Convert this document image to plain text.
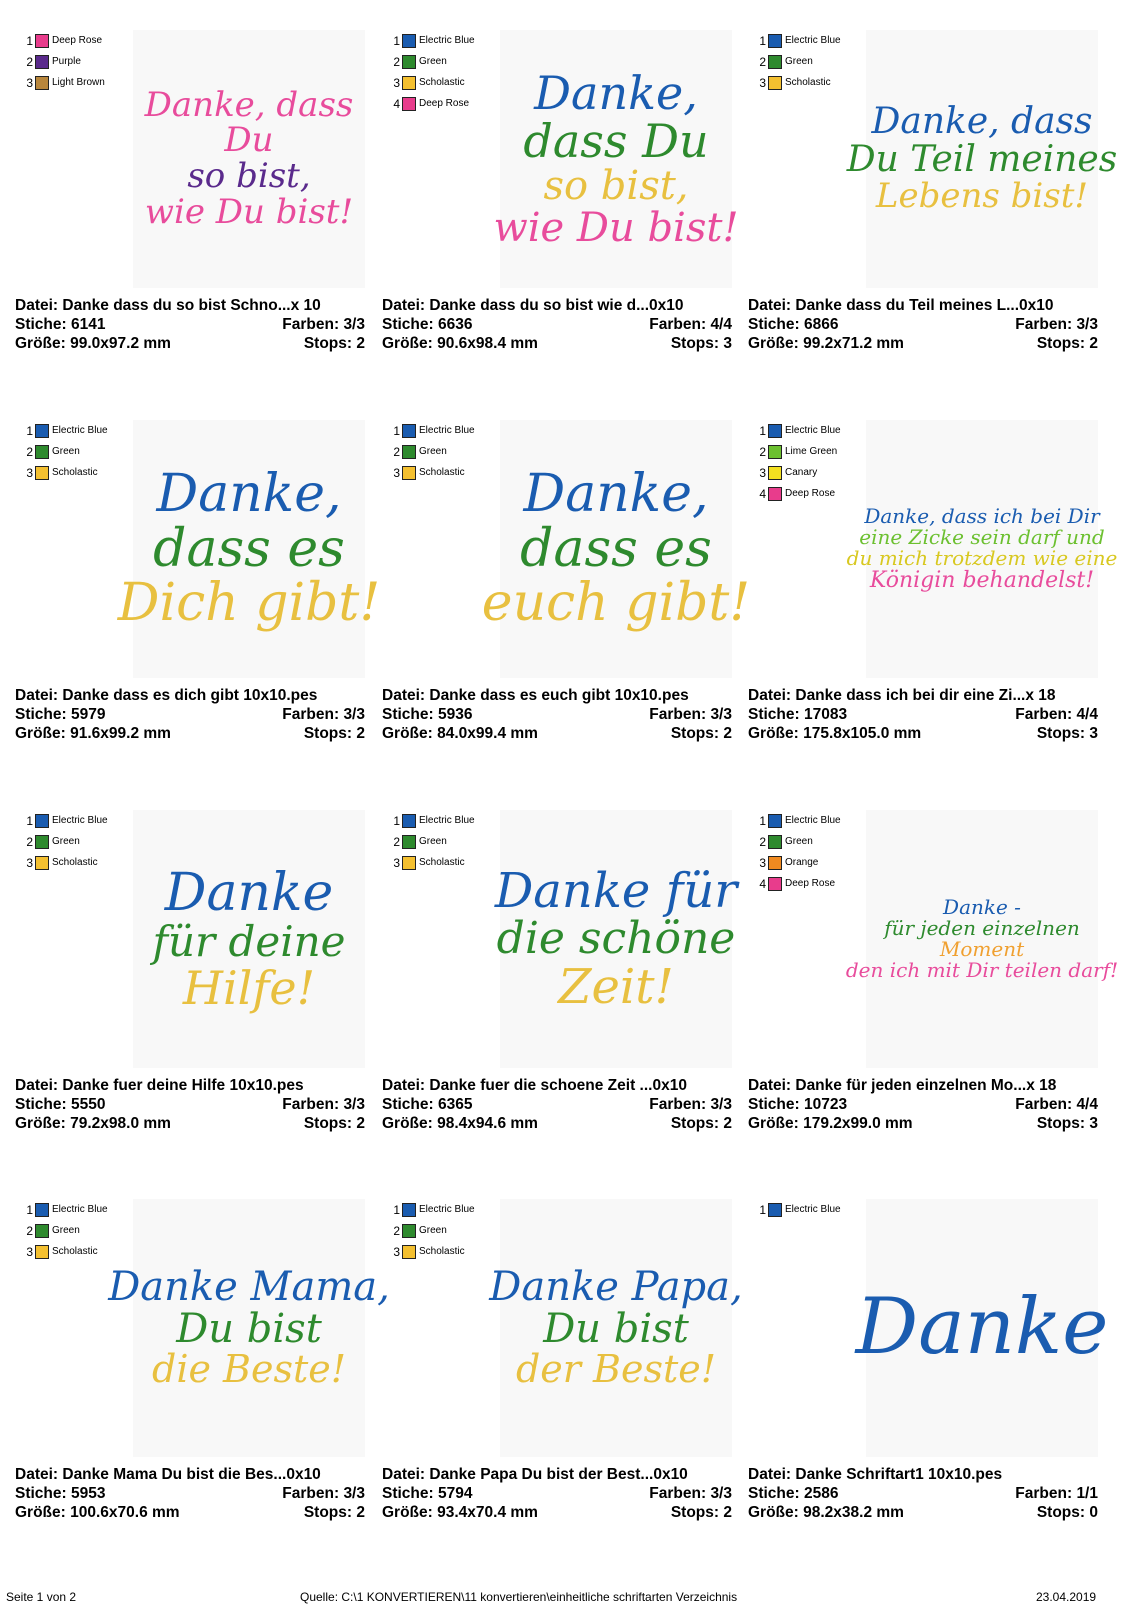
1 Deep Rose
2 Purple
3 Light Brown
Danke, dass
Du
so bist,
wie Du bist!
Datei: Danke dass du so bist Schno...x 10
Stiche: 6141	Farben: 3/3
Größe: 99.0x97.2 mm	Stops: 2
1 Electric Blue
2 Green
3 Scholastic
4 Deep Rose Danke,
dass Du
so bist,
wie Du bist!
Datei: Danke dass du so bist wie d...0x10
Stiche: 6636	Farben: 4/4
Größe: 90.6x98.4 mm	Stops: 3
1 Electric Blue
2 Green
3 Scholastic
Danke, dass
Du Teil meines
Lebens bist!
Datei: Danke dass du Teil meines L...0x10
Stiche: 6866	Farben: 3/3
Größe: 99.2x71.2 mm	Stops: 2
1 Electric Blue
2 Green
3 Scholastic Danke,
dass es
Dich gibt!
Datei: Danke dass es dich gibt 10x10.pes
Stiche: 5979	Farben: 3/3
Größe: 91.6x99.2 mm	Stops: 2
1 Electric Blue
2 Green
3 Scholastic Danke,
dass es
euch gibt!
Datei: Danke dass es euch gibt 10x10.pes
Stiche: 5936	Farben: 3/3
Größe: 84.0x99.4 mm	Stops: 2
1 Electric Blue
2 Lime Green
3 Canary
4 Deep Rose
Danke, dass ich bei Dir
eine Zicke sein darf und
du mich trotzdem wie eine
Königin behandelst!
Datei: Danke dass ich bei dir eine Zi...x 18
Stiche: 17083	Farben: 4/4
Größe: 175.8x105.0 mm	Stops: 3
1 Electric Blue
2 Green
3 Scholastic Danke
für deine
Hilfe!
Datei: Danke fuer deine Hilfe 10x10.pes
Stiche: 5550	Farben: 3/3
Größe: 79.2x98.0 mm	Stops: 2
1 Electric Blue
2 Green
3 Scholastic
Danke für
die schöne
Zeit!
Datei: Danke fuer die schoene Zeit ...0x10
Stiche: 6365	Farben: 3/3
Größe: 98.4x94.6 mm	Stops: 2
1 Electric Blue
2 Green
3 Orange
4 Deep Rose
Danke -
für jeden einzelnen
Moment
den ich mit Dir teilen darf!
Datei: Danke für jeden einzelnen Mo...x 18
Stiche: 10723	Farben: 4/4
Größe: 179.2x99.0 mm	Stops: 3
1 Electric Blue
2 Green
3 Scholastic
Danke Mama,
Du bist
die Beste!
Datei: Danke Mama Du bist die Bes...0x10
Stiche: 5953	Farben: 3/3
Größe: 100.6x70.6 mm	Stops: 2
1 Electric Blue
2 Green
3 Scholastic
Danke Papa,
Du bist
der Beste!
Datei: Danke Papa Du bist der Best...0x10
Stiche: 5794	Farben: 3/3
Größe: 93.4x70.4 mm	Stops: 2
1 Electric Blue
Danke
Datei: Danke Schriftart1 10x10.pes
Stiche: 2586	Farben: 1/1
Größe: 98.2x38.2 mm	Stops: 0
Seite 1 von 2	Quelle: C:\1 KONVERTIEREN\11 konvertieren\einheitliche schriftarten Verzeichnis	23.04.2019
